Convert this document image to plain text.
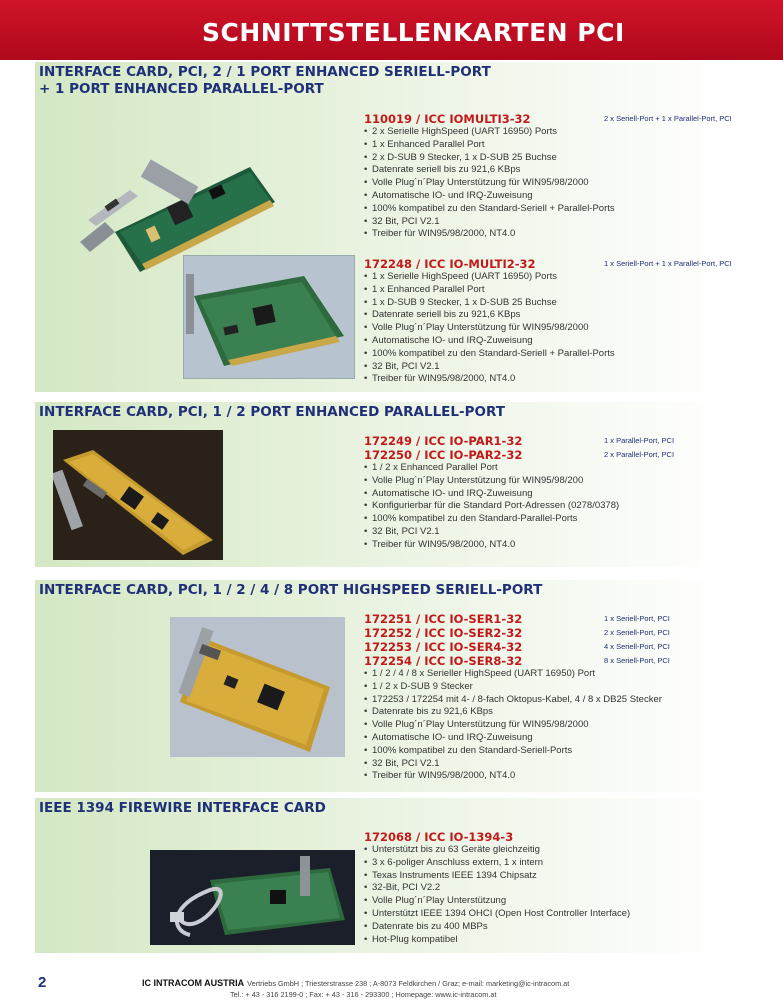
SCHNITTSTELLENKARTEN PCI
INTERFACE CARD, PCI, 2 / 1 PORT ENHANCED SERIELL-PORT
+ 1 PORT ENHANCED PARALLEL-PORT
110019 / ICC IOMULTI3-32	2 x Seriell-Port + 1 x Parallel-Port, PCI
• 2 x Serielle HighSpeed (UART 16950) Ports
• 1 x Enhanced Parallel Port
• 2 x D-SUB 9 Stecker, 1 x D-SUB 25 Buchse
• Datenrate seriell bis zu 921,6 KBps
• Volle Plug´n´Play Unterstützung für WIN95/98/2000
• Automatische IO- und IRQ-Zuweisung
• 100% kompatibel zu den Standard-Seriell + Parallel-Ports
• 32 Bit, PCI V2.1
• Treiber für WIN95/98/2000, NT4.0
172248 / ICC IO-MULTI2-32	1 x Seriell-Port + 1 x Parallel-Port, PCI
• 1 x Serielle HighSpeed (UART 16950) Ports
• 1 x Enhanced Parallel Port
• 1 x D-SUB 9 Stecker, 1 x D-SUB 25 Buchse
• Datenrate seriell bis zu 921,6 KBps
• Volle Plug´n´Play Unterstützung für WIN95/98/2000
• Automatische IO- und IRQ-Zuweisung
• 100% kompatibel zu den Standard-Seriell + Parallel-Ports
• 32 Bit, PCI V2.1
• Treiber für WIN95/98/2000, NT4.0
INTERFACE CARD, PCI, 1 / 2 PORT ENHANCED PARALLEL-PORT
172249 / ICC IO-PAR1-32	1 x Parallel-Port, PCI
172250 / ICC IO-PAR2-32	2 x Parallel-Port, PCI
• 1 / 2 x Enhanced Parallel Port
• Volle Plug´n´Play Unterstützung für WIN95/98/200
• Automatische IO- und IRQ-Zuweisung
• Konfigurierbar für die Standard Port-Adressen (0278/0378)
• 100% kompatibel zu den Standard-Parallel-Ports
• 32 Bit, PCI V2.1
• Treiber für WIN95/98/2000, NT4.0
INTERFACE CARD, PCI, 1 / 2 / 4 / 8 PORT HIGHSPEED SERIELL-PORT
172251 / ICC IO-SER1-32	1 x Seriell-Port, PCI
172252 / ICC IO-SER2-32	2 x Seriell-Port, PCI
172253 / ICC IO-SER4-32	4 x Seriell-Port, PCI
172254 / ICC IO-SER8-32	8 x Seriell-Port, PCI
• 1 / 2 / 4 / 8 x Serieller HighSpeed (UART 16950) Port
• 1 / 2 x D-SUB 9 Stecker
• 172253 / 172254 mit 4- / 8-fach Oktopus-Kabel, 4 / 8 x DB25 Stecker
• Datenrate bis zu 921,6 KBps
• Volle Plug´n´Play Unterstützung für WIN95/98/2000
• Automatische IO- und IRQ-Zuweisung
• 100% kompatibel zu den Standard-Seriell-Ports
• 32 Bit, PCI V2.1
• Treiber für WIN95/98/2000, NT4.0
IEEE 1394 FIREWIRE INTERFACE CARD
172068 / ICC IO-1394-3
• Unterstützt bis zu 63 Geräte gleichzeitig
• 3 x 6-poliger Anschluss extern, 1 x intern
• Texas Instruments IEEE 1394 Chipsatz
• 32-Bit, PCI V2.2
• Volle Plug´n´Play Unterstützung
• Unterstützt IEEE 1394 OHCI (Open Host Controller Interface)
• Datenrate bis zu 400 MBPs
• Hot-Plug kompatibel
2	IC INTRACOM AUSTRIA Vertriebs GmbH ; Triesterstrasse 238 ; A-8073 Feldkirchen / Graz; e-mail: marketing@ic-intracom.at
Tel.: + 43 - 316 2199-0 ; Fax: + 43 - 316 - 293300 ; Homepage: www.ic-intracom.at
